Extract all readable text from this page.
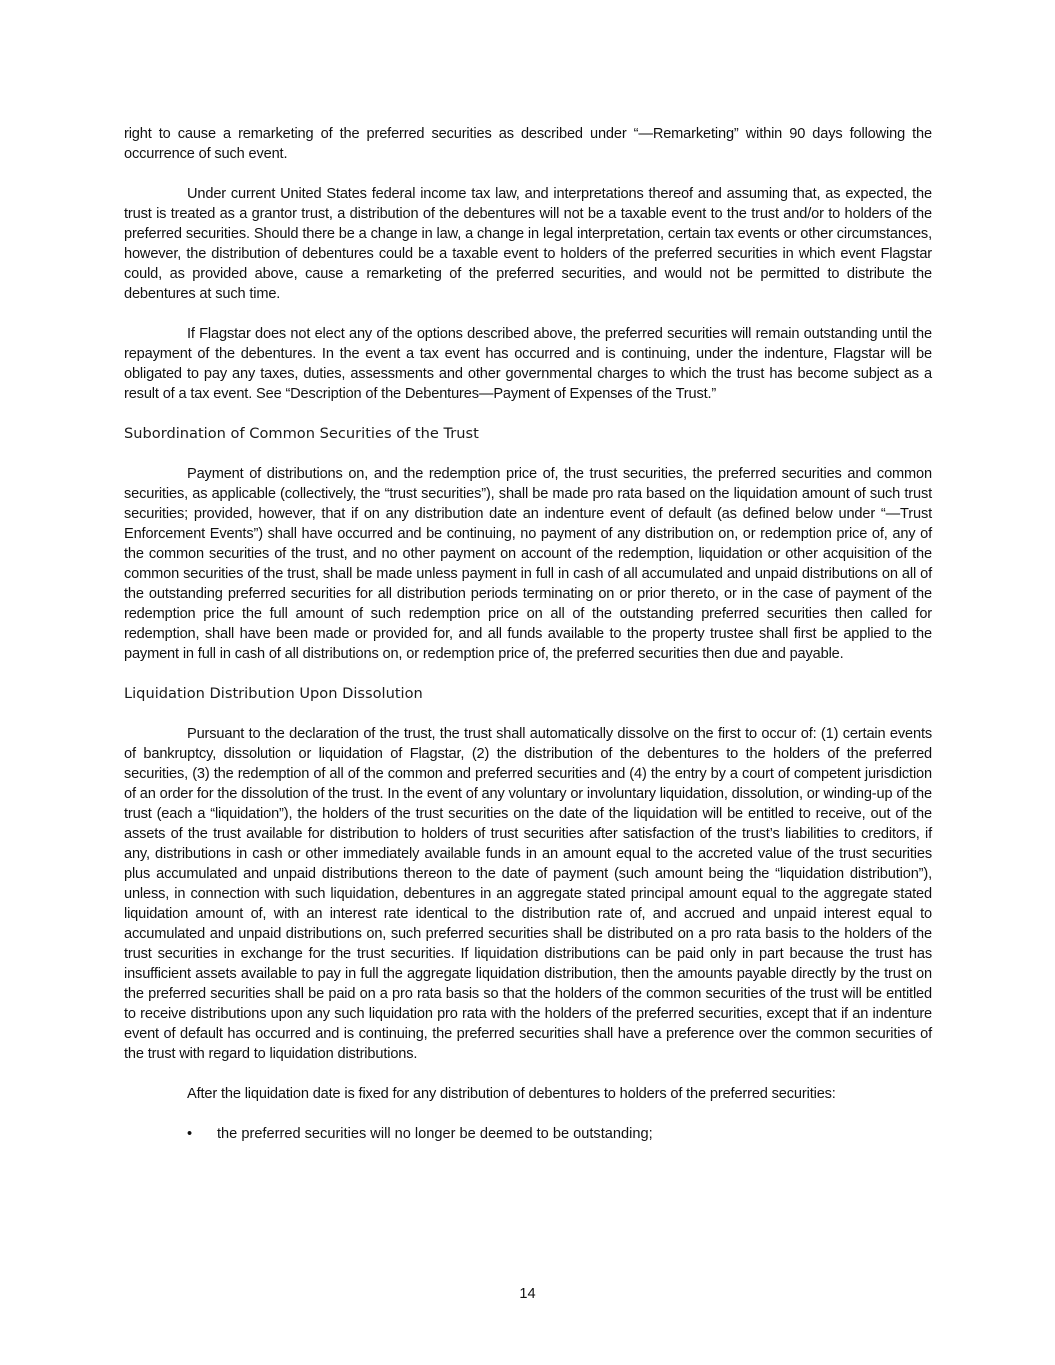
right to cause a remarketing of the preferred securities as described under “—Remarketing” within 90 days following the occurrence of such event.

Under current United States federal income tax law, and interpretations thereof and assuming that, as expected, the trust is treated as a grantor trust, a distribution of the debentures will not be a taxable event to the trust and/or to holders of the preferred securities. Should there be a change in law, a change in legal interpretation, certain tax events or other circumstances, however, the distribution of debentures could be a taxable event to holders of the preferred securities in which event Flagstar could, as provided above, cause a remarketing of the preferred securities, and would not be permitted to distribute the debentures at such time.

If Flagstar does not elect any of the options described above, the preferred securities will remain outstanding until the repayment of the debentures. In the event a tax event has occurred and is continuing, under the indenture, Flagstar will be obligated to pay any taxes, duties, assessments and other governmental charges to which the trust has become subject as a result of a tax event. See “Description of the Debentures—Payment of Expenses of the Trust.”

Subordination of Common Securities of the Trust

Payment of distributions on, and the redemption price of, the trust securities, the preferred securities and common securities, as applicable (collectively, the “trust securities”), shall be made pro rata based on the liquidation amount of such trust securities; provided, however, that if on any distribution date an indenture event of default (as defined below under “—Trust Enforcement Events”) shall have occurred and be continuing, no payment of any distribution on, or redemption price of, any of the common securities of the trust, and no other payment on account of the redemption, liquidation or other acquisition of the common securities of the trust, shall be made unless payment in full in cash of all accumulated and unpaid distributions on all of the outstanding preferred securities for all distribution periods terminating on or prior thereto, or in the case of payment of the redemption price the full amount of such redemption price on all of the outstanding preferred securities then called for redemption, shall have been made or provided for, and all funds available to the property trustee shall first be applied to the payment in full in cash of all distributions on, or redemption price of, the preferred securities then due and payable.

Liquidation Distribution Upon Dissolution

Pursuant to the declaration of the trust, the trust shall automatically dissolve on the first to occur of: (1) certain events of bankruptcy, dissolution or liquidation of Flagstar, (2) the distribution of the debentures to the holders of the preferred securities, (3) the redemption of all of the common and preferred securities and (4) the entry by a court of competent jurisdiction of an order for the dissolution of the trust. In the event of any voluntary or involuntary liquidation, dissolution, or winding-up of the trust (each a “liquidation”), the holders of the trust securities on the date of the liquidation will be entitled to receive, out of the assets of the trust available for distribution to holders of trust securities after satisfaction of the trust’s liabilities to creditors, if any, distributions in cash or other immediately available funds in an amount equal to the accreted value of the trust securities plus accumulated and unpaid distributions thereon to the date of payment (such amount being the “liquidation distribution”), unless, in connection with such liquidation, debentures in an aggregate stated principal amount equal to the aggregate stated liquidation amount of, with an interest rate identical to the distribution rate of, and accrued and unpaid interest equal to accumulated and unpaid distributions on, such preferred securities shall be distributed on a pro rata basis to the holders of the trust securities in exchange for the trust securities. If liquidation distributions can be paid only in part because the trust has insufficient assets available to pay in full the aggregate liquidation distribution, then the amounts payable directly by the trust on the preferred securities shall be paid on a pro rata basis so that the holders of the common securities of the trust will be entitled to receive distributions upon any such liquidation pro rata with the holders of the preferred securities, except that if an indenture event of default has occurred and is continuing, the preferred securities shall have a preference over the common securities of the trust with regard to liquidation distributions.

After the liquidation date is fixed for any distribution of debentures to holders of the preferred securities:

• the preferred securities will no longer be deemed to be outstanding;
14
